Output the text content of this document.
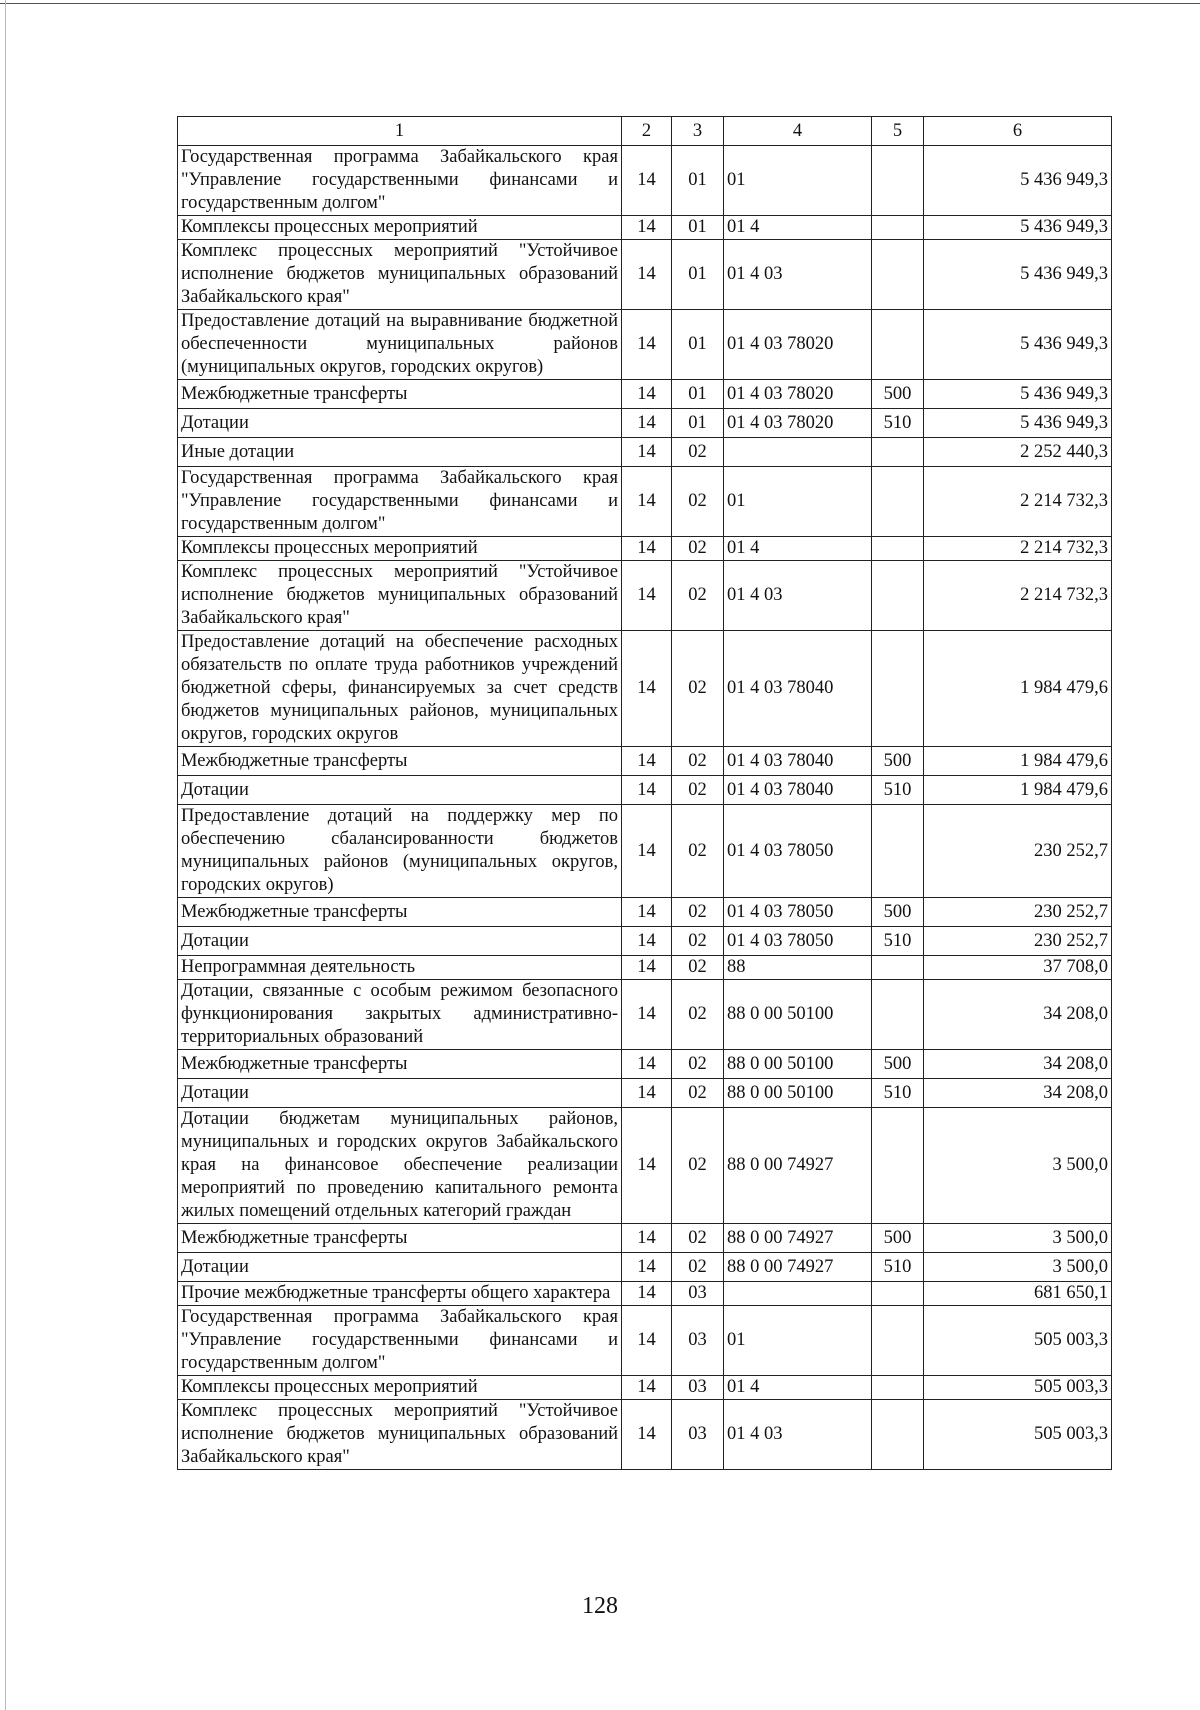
1	2	3	4	5	6
Государственная программа Забайкальского края "Управление государственными финансами и государственным долгом"	14	01	01		5 436 949,3
Комплексы процессных мероприятий	14	01	01 4		5 436 949,3
Комплекс процессных мероприятий "Устойчивое исполнение бюджетов муниципальных образований Забайкальского края"	14	01	01 4 03		5 436 949,3
Предоставление дотаций на выравнивание бюджетной обеспеченности муниципальных районов (муниципальных округов, городских округов)	14	01	01 4 03 78020		5 436 949,3
Межбюджетные трансферты	14	01	01 4 03 78020	500	5 436 949,3
Дотации	14	01	01 4 03 78020	510	5 436 949,3
Иные дотации	14	02			2 252 440,3
Государственная программа Забайкальского края "Управление государственными финансами и государственным долгом"	14	02	01		2 214 732,3
Комплексы процессных мероприятий	14	02	01 4		2 214 732,3
Комплекс процессных мероприятий "Устойчивое исполнение бюджетов муниципальных образований Забайкальского края"	14	02	01 4 03		2 214 732,3
Предоставление дотаций на обеспечение расходных обязательств по оплате труда работников учреждений бюджетной сферы, финансируемых за счет средств бюджетов муниципальных районов, муниципальных округов, городских округов	14	02	01 4 03 78040		1 984 479,6
Межбюджетные трансферты	14	02	01 4 03 78040	500	1 984 479,6
Дотации	14	02	01 4 03 78040	510	1 984 479,6
Предоставление дотаций на поддержку мер по обеспечению сбалансированности бюджетов муниципальных районов (муниципальных округов, городских округов)	14	02	01 4 03 78050		230 252,7
Межбюджетные трансферты	14	02	01 4 03 78050	500	230 252,7
Дотации	14	02	01 4 03 78050	510	230 252,7
Непрограммная деятельность	14	02	88		37 708,0
Дотации, связанные с особым режимом безопасного функционирования закрытых административно-территориальных образований	14	02	88 0 00 50100		34 208,0
Межбюджетные трансферты	14	02	88 0 00 50100	500	34 208,0
Дотации	14	02	88 0 00 50100	510	34 208,0
Дотации бюджетам муниципальных районов, муниципальных и городских округов Забайкальского края на финансовое обеспечение реализации мероприятий по проведению капитального ремонта жилых помещений отдельных категорий граждан	14	02	88 0 00 74927		3 500,0
Межбюджетные трансферты	14	02	88 0 00 74927	500	3 500,0
Дотации	14	02	88 0 00 74927	510	3 500,0
Прочие межбюджетные трансферты общего характера	14	03			681 650,1
Государственная программа Забайкальского края "Управление государственными финансами и государственным долгом"	14	03	01		505 003,3
Комплексы процессных мероприятий	14	03	01 4		505 003,3
Комплекс процессных мероприятий "Устойчивое исполнение бюджетов муниципальных образований Забайкальского края"	14	03	01 4 03		505 003,3
128
